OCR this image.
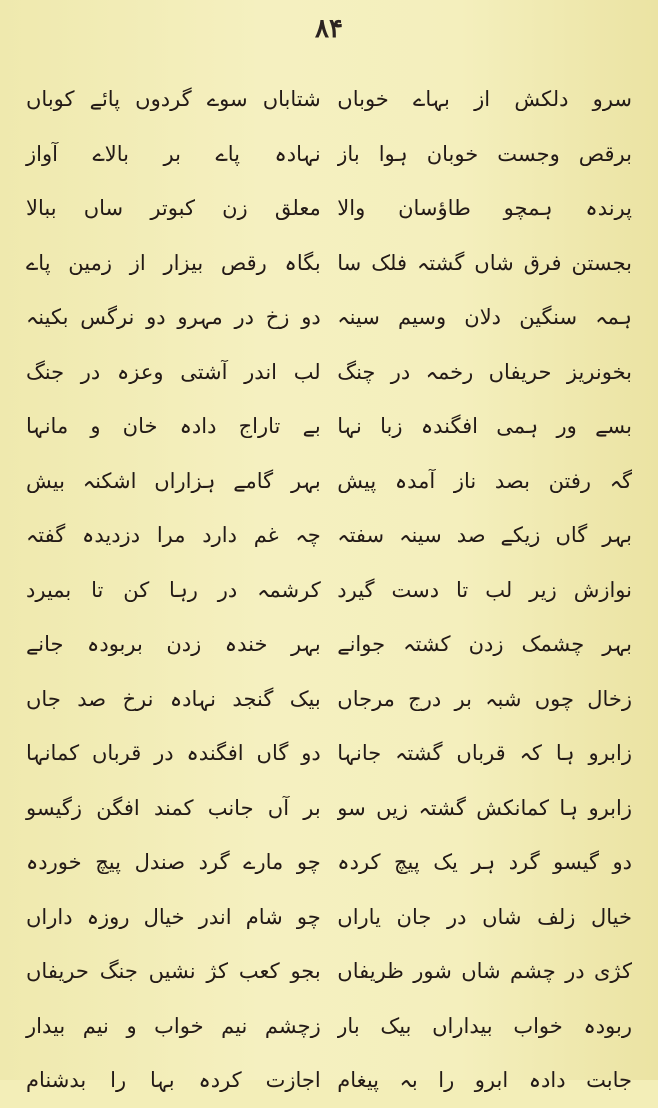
۸۴
سرو دلکش از بہاے خوباں
شتاباں سوے گردوں پائے کوباں
برقص وجست خوبان ہوا باز
نہادہ پاے بر بالاے آواز
پرندہ ہمچو طاؤسان والا
معلق زن کبوتر ساں ببالا
بجستن فرق شاں گشتہ فلک سا
بگاہ رقص بیزار از زمین پاے
ہمہ سنگین دلان وسیم سینہ
دو زخ در مہرو دو نرگس بکینہ
بخونریز حریفاں رخمہ در چنگ
لب اندر آشتی وعزہ در جنگ
بسے ور ہمی افگندہ زبا نہا
بے تاراج دادہ خان و مانہا
گہ رفتن بصد ناز آمدہ پیش
بہر گامے ہزاراں اشکنہ بیش
بہر گاں زیکے صد سینہ سفتہ
چہ غم دارد مرا دزدیدہ گفتہ
نوازش زیر لب تا دست گیرد
کرشمہ در رہا کن تا بمیرد
بہر چشمک زدن کشتہ جوانے
بہر خندہ زدن بربودہ جانے
زخال چوں شبہ بر درج مرجاں
بیک گنجد نہادہ نرخ صد جاں
زابرو ہا کہ قرباں گشتہ جانہا
دو گاں افگندہ در قرباں کمانہا
زابرو ہا کمانکش گشتہ زیں سو
بر آں جانب کمند افگن زگیسو
دو گیسو گرد ہر یک پیچ کردہ
چو مارے گرد صندل پیچ خوردہ
خیال زلف شاں در جان یاراں
چو شام اندر خیال روزہ داراں
کژی در چشم شاں شور ظریفاں
بجو کعب کژ نشیں جنگ حریفاں
ربودہ خواب بیداراں بیک بار
زچشم نیم خواب و نیم بیدار
جابت دادہ ابرو را بہ پیغام
اجازت کردہ بہا را بدشنام
